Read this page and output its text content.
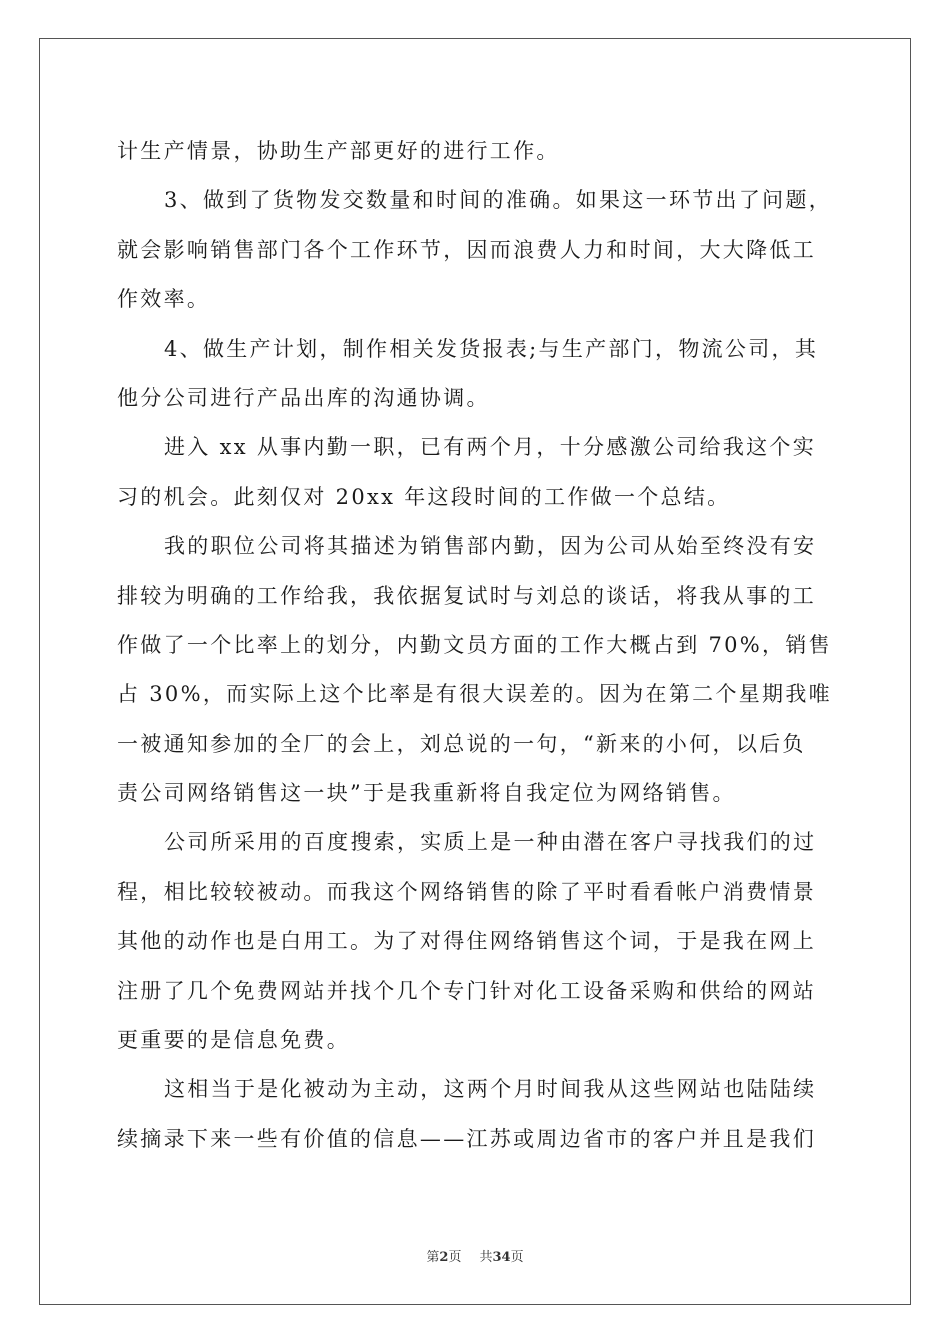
计生产情景，协助生产部更好的进行工作。
3、做到了货物发交数量和时间的准确。如果这一环节出了问题，
就会影响销售部门各个工作环节，因而浪费人力和时间，大大降低工
作效率。
4、做生产计划，制作相关发货报表;与生产部门，物流公司，其
他分公司进行产品出库的沟通协调。
进入 xx 从事内勤一职，已有两个月，十分感激公司给我这个实
习的机会。此刻仅对 20xx 年这段时间的工作做一个总结。
我的职位公司将其描述为销售部内勤，因为公司从始至终没有安
排较为明确的工作给我，我依据复试时与刘总的谈话，将我从事的工
作做了一个比率上的划分，内勤文员方面的工作大概占到 70%，销售
占 30%，而实际上这个比率是有很大误差的。因为在第二个星期我唯
一被通知参加的全厂的会上，刘总说的一句，“新来的小何，以后负
责公司网络销售这一块”于是我重新将自我定位为网络销售。
公司所采用的百度搜索，实质上是一种由潜在客户寻找我们的过
程，相比较较被动。而我这个网络销售的除了平时看看帐户消费情景
其他的动作也是白用工。为了对得住网络销售这个词，于是我在网上
注册了几个免费网站并找个几个专门针对化工设备采购和供给的网站
更重要的是信息免费。
这相当于是化被动为主动，这两个月时间我从这些网站也陆陆续
续摘录下来一些有价值的信息——江苏或周边省市的客户并且是我们
第2页 共34页
